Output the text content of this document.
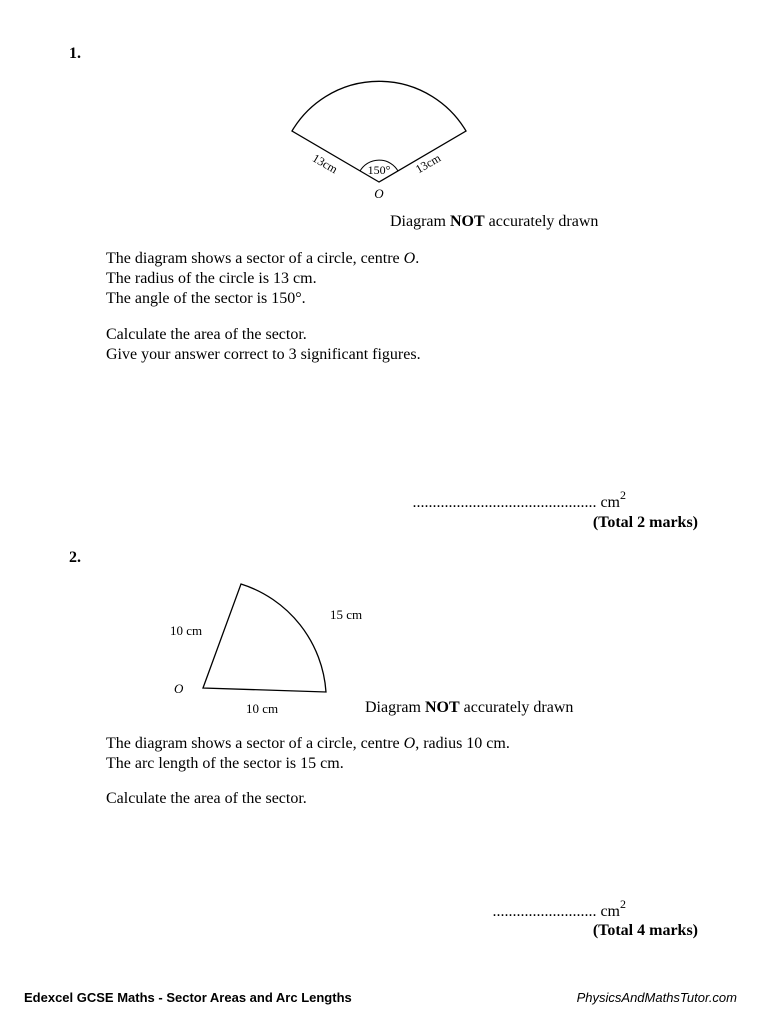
1.
150°
13cm	13cm
O
Diagram NOT accurately drawn
The diagram shows a sector of a circle, centre O.
The radius of the circle is 13 cm.
The angle of the sector is 150°.
Calculate the area of the sector.
Give your answer correct to 3 significant figures.
.............................................. $cm^2$
(Total 2 marks)
2.
10 cm
15 cm
O
10 cm	Diagram NOT accurately drawn
The diagram shows a sector of a circle, centre O, radius 10 cm.
The arc length of the sector is 15 cm.
Calculate the area of the sector.
.......................... $cm^2$
(Total 4 marks)
Edexcel GCSE Maths - Sector Areas and Arc Lengths	PhysicsAndMathsTutor.com
